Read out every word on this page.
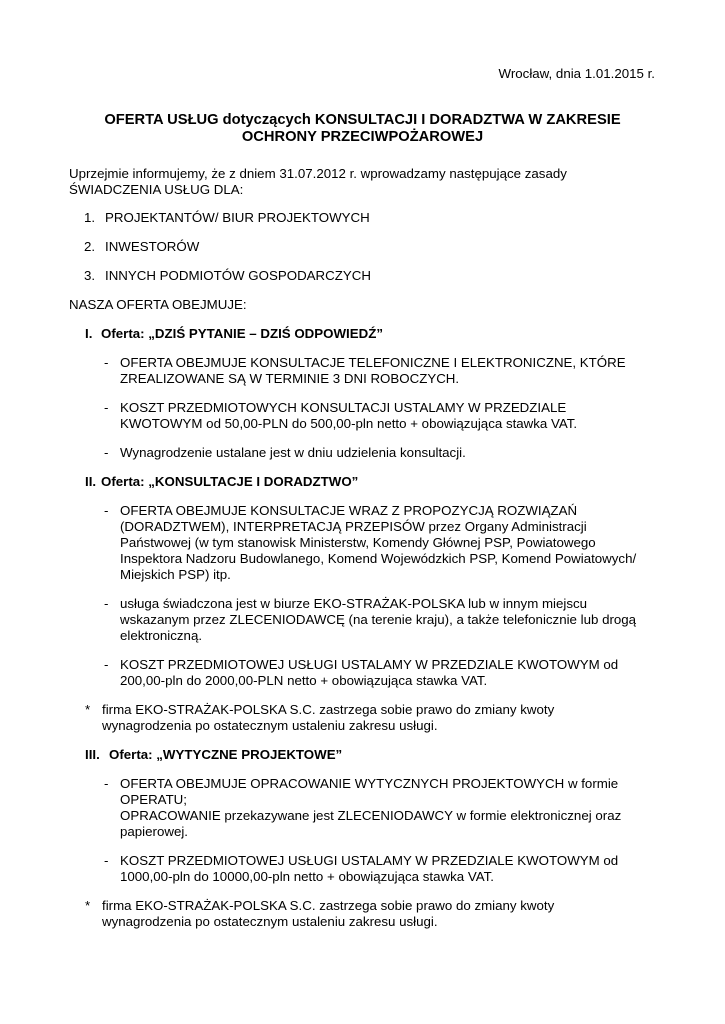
Wrocław, dnia 1.01.2015 r.
OFERTA USŁUG dotyczących KONSULTACJI I DORADZTWA W ZAKRESIE
OCHRONY PRZECIWPOŻAROWEJ

Uprzejmie informujemy, że z dniem 31.07.2012 r. wprowadzamy następujące zasady
ŚWIADCZENIA USŁUG DLA:

1. PROJEKTANTÓW/ BIUR PROJEKTOWYCH
2. INWESTORÓW
3. INNYCH PODMIOTÓW GOSPODARCZYCH

NASZA OFERTA OBEJMUJE:

I. Oferta: „DZIŚ PYTANIE – DZIŚ ODPOWIEDŹ”
- OFERTA OBEJMUJE KONSULTACJE TELEFONICZNE I ELEKTRONICZNE, KTÓRE
ZREALIZOWANE SĄ W TERMINIE 3 DNI ROBOCZYCH.
- KOSZT PRZEDMIOTOWYCH KONSULTACJI USTALAMY W PRZEDZIALE
KWOTOWYM od 50,00-PLN do 500,00-pln netto + obowiązująca stawka VAT.
- Wynagrodzenie ustalane jest w dniu udzielenia konsultacji.
II. Oferta: „KONSULTACJE I DORADZTWO”
- OFERTA OBEJMUJE KONSULTACJE WRAZ Z PROPOZYCJĄ ROZWIĄZAŃ
(DORADZTWEM), INTERPRETACJĄ PRZEPISÓW przez Organy Administracji
Państwowej (w tym stanowisk Ministerstw, Komendy Głównej PSP, Powiatowego
Inspektora Nadzoru Budowlanego, Komend Wojewódzkich PSP, Komend Powiatowych/
Miejskich PSP) itp.
- usługa świadczona jest w biurze EKO-STRAŻAK-POLSKA lub w innym miejscu
wskazanym przez ZLECENIODAWCĘ (na terenie kraju), a także telefonicznie lub drogą
elektroniczną.
- KOSZT PRZEDMIOTOWEJ USŁUGI USTALAMY W PRZEDZIALE KWOTOWYM od
200,00-pln do 2000,00-PLN netto + obowiązująca stawka VAT.
* firma EKO-STRAŻAK-POLSKA S.C. zastrzega sobie prawo do zmiany kwoty
wynagrodzenia po ostatecznym ustaleniu zakresu usługi.
III. Oferta: „WYTYCZNE PROJEKTOWE”
- OFERTA OBEJMUJE OPRACOWANIE WYTYCZNYCH PROJEKTOWYCH w formie
OPERATU;
OPRACOWANIE przekazywane jest ZLECENIODAWCY w formie elektronicznej oraz
papierowej.
- KOSZT PRZEDMIOTOWEJ USŁUGI USTALAMY W PRZEDZIALE KWOTOWYM od
1000,00-pln do 10000,00-pln netto + obowiązująca stawka VAT.
* firma EKO-STRAŻAK-POLSKA S.C. zastrzega sobie prawo do zmiany kwoty
wynagrodzenia po ostatecznym ustaleniu zakresu usługi.
